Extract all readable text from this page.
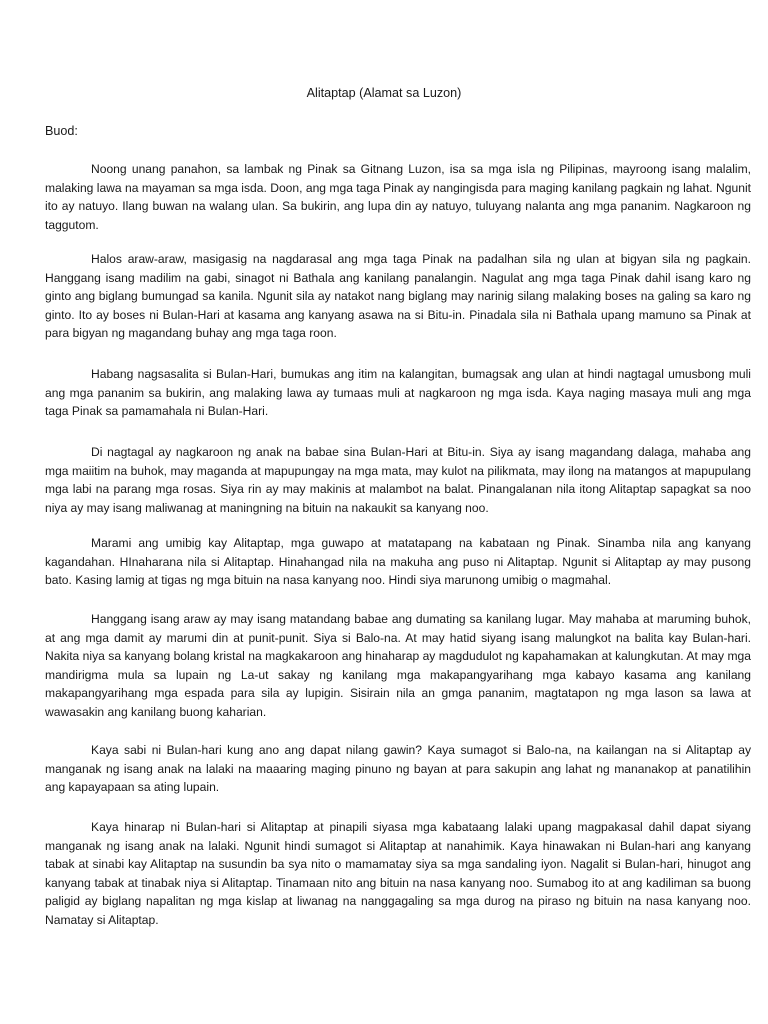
Alitaptap (Alamat sa Luzon)
Buod:

Noong unang panahon, sa lambak ng Pinak sa Gitnang Luzon, isa sa mga isla ng Pilipinas, mayroong isang malalim, malaking lawa na mayaman sa mga isda. Doon, ang mga taga Pinak ay nangingisda para maging kanilang pagkain ng lahat. Ngunit ito ay natuyo. Ilang buwan na walang ulan. Sa bukirin, ang lupa din ay natuyo, tuluyang nalanta ang mga pananim. Nagkaroon ng taggutom.

Halos araw-araw, masigasig na nagdarasal ang mga taga Pinak na padalhan sila ng ulan at bigyan sila ng pagkain. Hanggang isang madilim na gabi, sinagot ni Bathala ang kanilang panalangin. Nagulat ang mga taga Pinak dahil isang karo ng ginto ang biglang bumungad sa kanila. Ngunit sila ay natakot nang biglang may narinig silang malaking boses na galing sa karo ng ginto. Ito ay boses ni Bulan-Hari at kasama ang kanyang asawa na si Bitu-in. Pinadala sila ni Bathala upang mamuno sa Pinak at para bigyan ng magandang buhay ang mga taga roon.

Habang nagsasalita si Bulan-Hari, bumukas ang itim na kalangitan, bumagsak ang ulan at hindi nagtagal umusbong muli ang mga pananim sa bukirin, ang malaking lawa ay tumaas muli at nagkaroon ng mga isda. Kaya naging masaya muli ang mga taga Pinak sa pamamahala ni Bulan-Hari.

Di nagtagal ay nagkaroon ng anak na babae sina Bulan-Hari at Bitu-in. Siya ay isang magandang dalaga, mahaba ang mga maiitim na buhok, may maganda at mapupungay na mga mata, may kulot na pilikmata, may ilong na matangos at mapupulang mga labi na parang mga rosas. Siya rin ay may makinis at malambot na balat. Pinangalanan nila itong Alitaptap sapagkat sa noo niya ay may isang maliwanag at maningning na bituin na nakaukit sa kanyang noo.

Marami ang umibig kay Alitaptap, mga guwapo at matatapang na kabataan ng Pinak. Sinamba nila ang kanyang kagandahan. HInaharana nila si Alitaptap. Hinahangad nila na makuha ang puso ni Alitaptap. Ngunit si Alitaptap ay may pusong bato. Kasing lamig at tigas ng mga bituin na nasa kanyang noo. Hindi siya marunong umibig o magmahal.

Hanggang isang araw ay may isang matandang babae ang dumating sa kanilang lugar. May mahaba at maruming buhok, at ang mga damit ay marumi din at punit-punit. Siya si Balo-na. At may hatid siyang isang malungkot na balita kay Bulan-hari. Nakita niya sa kanyang bolang kristal na magkakaroon ang hinaharap ay magdudulot ng kapahamakan at kalungkutan. At may mga mandirigma mula sa lupain ng La-ut sakay ng kanilang mga makapangyarihang mga kabayo kasama ang kanilang makapangyarihang mga espada para sila ay lupigin. Sisirain nila an gmga pananim, magtatapon ng mga lason sa lawa at wawasakin ang kanilang buong kaharian.

Kaya sabi ni Bulan-hari kung ano ang dapat nilang gawin? Kaya sumagot si Balo-na, na kailangan na si Alitaptap ay manganak ng isang anak na lalaki na maaaring maging pinuno ng bayan at para sakupin ang lahat ng mananakop at panatilihin ang kapayapaan sa ating lupain.

Kaya hinarap ni Bulan-hari si Alitaptap at pinapili siyasa mga kabataang lalaki upang magpakasal dahil dapat siyang manganak ng isang anak na lalaki. Ngunit hindi sumagot si Alitaptap at nanahimik. Kaya hinawakan ni Bulan-hari ang kanyang tabak at sinabi kay Alitaptap na susundin ba sya nito o mamamatay siya sa mga sandaling iyon. Nagalit si Bulan-hari, hinugot ang kanyang tabak at tinabak niya si Alitaptap. Tinamaan nito ang bituin na nasa kanyang noo. Sumabog ito at ang kadiliman sa buong paligid ay biglang napalitan ng mga kislap at liwanag na nanggagaling sa mga durog na piraso ng bituin na nasa kanyang noo. Namatay si Alitaptap.
